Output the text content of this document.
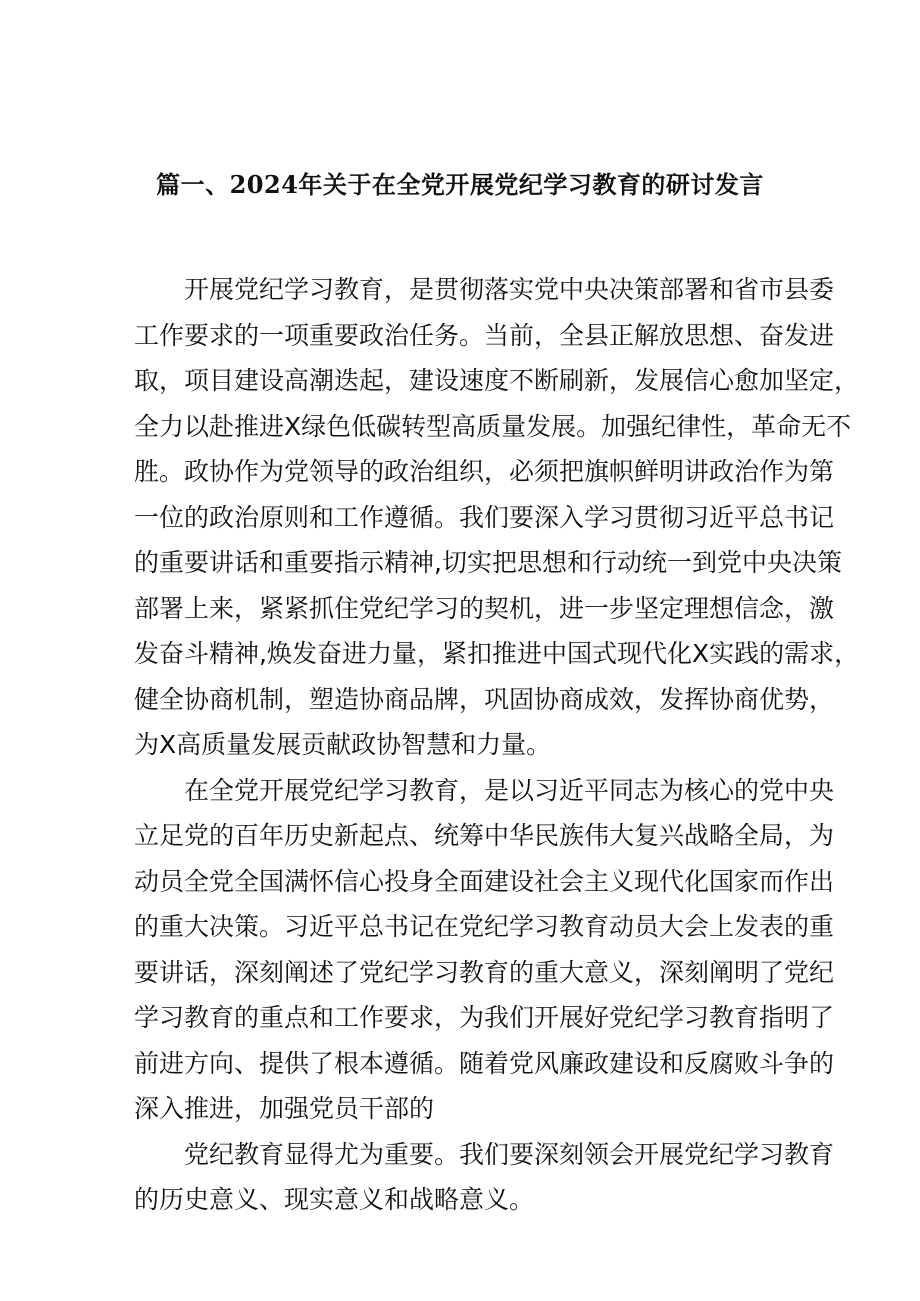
篇一、2024年关于在全党开展党纪学习教育的研讨发言
开展党纪学习教育，是贯彻落实党中央决策部署和省市县委
工作要求的一项重要政治任务。当前，全县正解放思想、奋发进
取，项目建设高潮迭起，建设速度不断刷新，发展信心愈加坚定，
全力以赴推进X绿色低碳转型高质量发展。加强纪律性，革命无不
胜。政协作为党领导的政治组织，必须把旗帜鲜明讲政治作为第
一位的政治原则和工作遵循。我们要深入学习贯彻习近平总书记
的重要讲话和重要指示精神,切实把思想和行动统一到党中央决策
部署上来，紧紧抓住党纪学习的契机，进一步坚定理想信念，激
发奋斗精神,焕发奋进力量，紧扣推进中国式现代化X实践的需求，
健全协商机制，塑造协商品牌，巩固协商成效，发挥协商优势，
为X高质量发展贡献政协智慧和力量。
在全党开展党纪学习教育，是以习近平同志为核心的党中央
立足党的百年历史新起点、统筹中华民族伟大复兴战略全局，为
动员全党全国满怀信心投身全面建设社会主义现代化国家而作出
的重大决策。习近平总书记在党纪学习教育动员大会上发表的重
要讲话，深刻阐述了党纪学习教育的重大意义，深刻阐明了党纪
学习教育的重点和工作要求，为我们开展好党纪学习教育指明了
前进方向、提供了根本遵循。随着党风廉政建设和反腐败斗争的
深入推进，加强党员干部的
党纪教育显得尤为重要。我们要深刻领会开展党纪学习教育
的历史意义、现实意义和战略意义。
